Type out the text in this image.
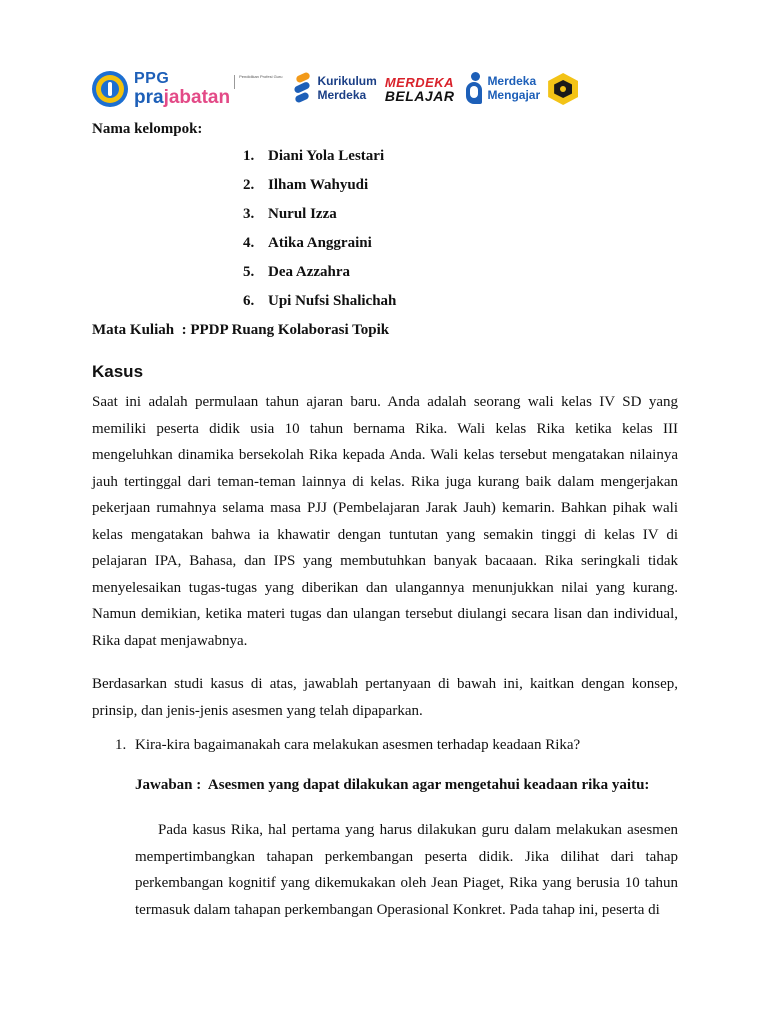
PPG
prajabatan
Pendidikan Profesi Guru	Kurikulum
Merdeka
MERDEKA
BELAJAR
Merdeka
Mengajar
Nama kelompok:
1. Diani Yola Lestari
2. Ilham Wahyudi
3. Nurul Izza
4. Atika Anggraini
5. Dea Azzahra
6. Upi Nufsi Shalichah
Mata Kuliah  : PPDP Ruang Kolaborasi Topik
Kasus

Saat ini adalah permulaan tahun ajaran baru. Anda adalah seorang wali kelas IV SD yang memiliki peserta didik usia 10 tahun bernama Rika. Wali kelas Rika ketika kelas III mengeluhkan dinamika bersekolah Rika kepada Anda. Wali kelas tersebut mengatakan nilainya jauh tertinggal dari teman-teman lainnya di kelas. Rika juga kurang baik dalam mengerjakan pekerjaan rumahnya selama masa PJJ (Pembelajaran Jarak Jauh) kemarin. Bahkan pihak wali kelas mengatakan bahwa ia khawatir dengan tuntutan yang semakin tinggi di kelas IV di pelajaran IPA, Bahasa, dan IPS yang membutuhkan banyak bacaaan. Rika seringkali tidak menyelesaikan tugas-tugas yang diberikan dan ulangannya menunjukkan nilai yang kurang. Namun demikian, ketika materi tugas dan ulangan tersebut diulangi secara lisan dan individual, Rika dapat menjawabnya.

Berdasarkan studi kasus di atas, jawablah pertanyaan di bawah ini, kaitkan dengan konsep, prinsip, dan jenis-jenis asesmen yang telah dipaparkan.

1. Kira-kira bagaimanakah cara melakukan asesmen terhadap keadaan Rika?
Jawaban :  Asesmen yang dapat dilakukan agar mengetahui keadaan rika yaitu:

Pada kasus Rika, hal pertama yang harus dilakukan guru dalam melakukan asesmen mempertimbangkan tahapan perkembangan peserta didik. Jika dilihat dari tahap perkembangan kognitif yang dikemukakan oleh Jean Piaget, Rika yang berusia 10 tahun termasuk dalam tahapan perkembangan Operasional Konkret. Pada tahap ini, peserta di
